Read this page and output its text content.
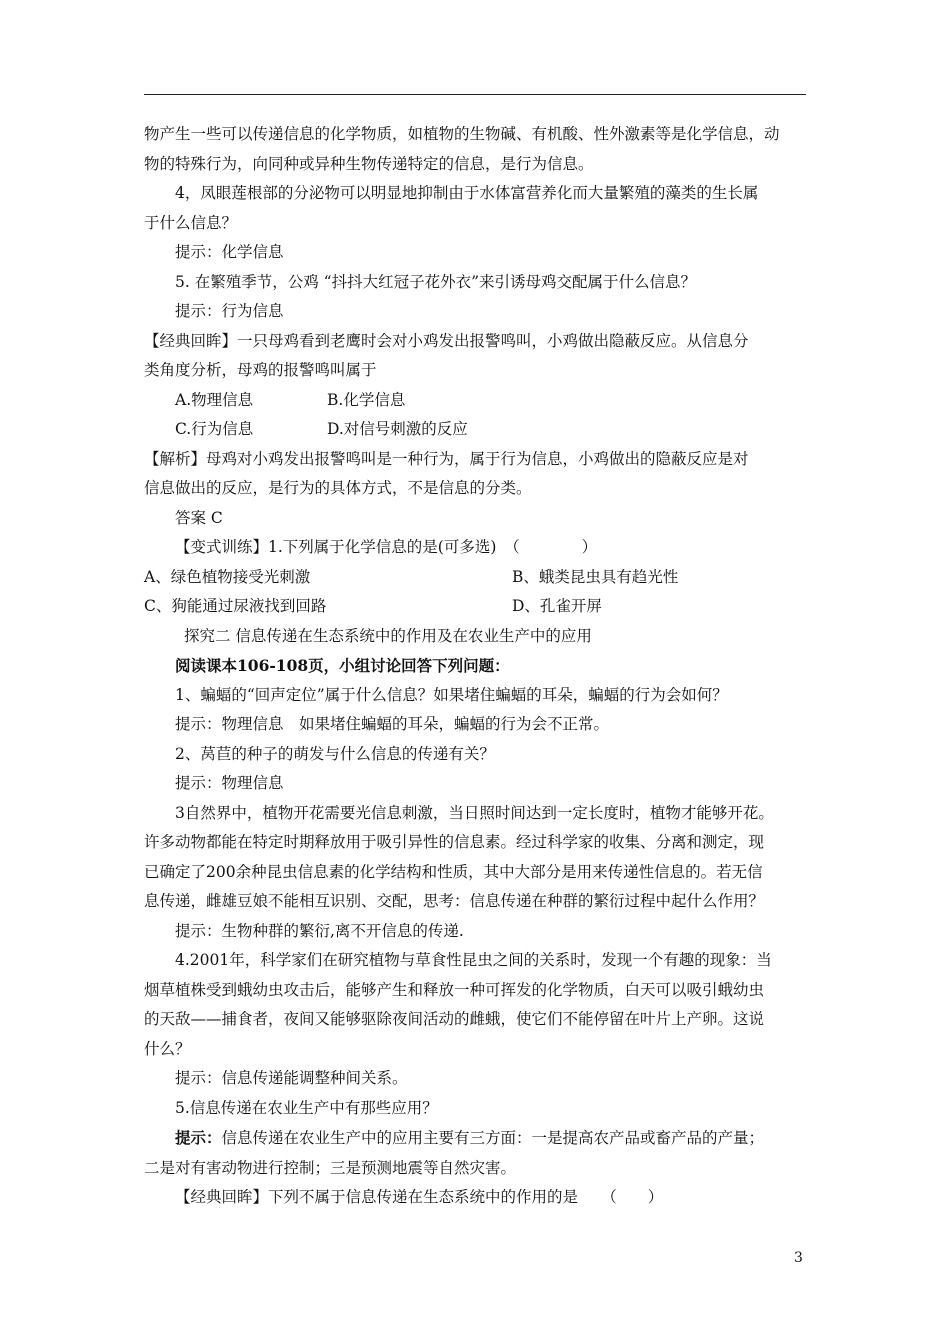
物产生一些可以传递信息的化学物质，如植物的生物碱、有机酸、性外激素等是化学信息，动

物的特殊行为，向同种或异种生物传递特定的信息，是行为信息。

4，凤眼莲根部的分泌物可以明显地抑制由于水体富营养化而大量繁殖的藻类的生长属

于什么信息？

提示：化学信息

5. 在繁殖季节，公鸡 “抖抖大红冠子花外衣”来引诱母鸡交配属于什么信息？

提示：行为信息

【经典回眸】一只母鸡看到老鹰时会对小鸡发出报警鸣叫，小鸡做出隐蔽反应。从信息分

类角度分析，母鸡的报警鸣叫属于

A.物理信息	B.化学信息
C.行为信息	D.对信号刺激的反应

【解析】母鸡对小鸡发出报警鸣叫是一种行为，属于行为信息，小鸡做出的隐蔽反应是对

信息做出的反应，是行为的具体方式，不是信息的分类。

答案 C

【变式训练】1.下列属于化学信息的是(可多选)　（　　　　）

A、绿色植物接受光刺激	B、蛾类昆虫具有趋光性
C、狗能通过尿液找到回路	D、孔雀开屏

探究二 信息传递在生态系统中的作用及在农业生产中的应用

阅读课本106-108页，小组讨论回答下列问题：

1、蝙蝠的“回声定位”属于什么信息？如果堵住蝙蝠的耳朵，蝙蝠的行为会如何？

提示：物理信息　如果堵住蝙蝠的耳朵，蝙蝠的行为会不正常。

2、莴苣的种子的萌发与什么信息的传递有关？

提示：物理信息

3自然界中，植物开花需要光信息刺激，当日照时间达到一定长度时，植物才能够开花。

许多动物都能在特定时期释放用于吸引异性的信息素。经过科学家的收集、分离和测定，现

已确定了200余种昆虫信息素的化学结构和性质，其中大部分是用来传递性信息的。若无信

息传递，雌雄豆娘不能相互识别、交配，思考：信息传递在种群的繁衍过程中起什么作用？

提示：生物种群的繁衍,离不开信息的传递.

4.2001年，科学家们在研究植物与草食性昆虫之间的关系时，发现一个有趣的现象：当

烟草植株受到蛾幼虫攻击后，能够产生和释放一种可挥发的化学物质，白天可以吸引蛾幼虫

的天敌——捕食者，夜间又能够驱除夜间活动的雌蛾，使它们不能停留在叶片上产卵。这说

什么？

提示：信息传递能调整种间关系。

5.信息传递在农业生产中有那些应用？

提示：信息传递在农业生产中的应用主要有三方面：一是提高农产品或畜产品的产量；

二是对有害动物进行控制；三是预测地震等自然灾害。

【经典回眸】下列不属于信息传递在生态系统中的作用的是　　（　　）

3
